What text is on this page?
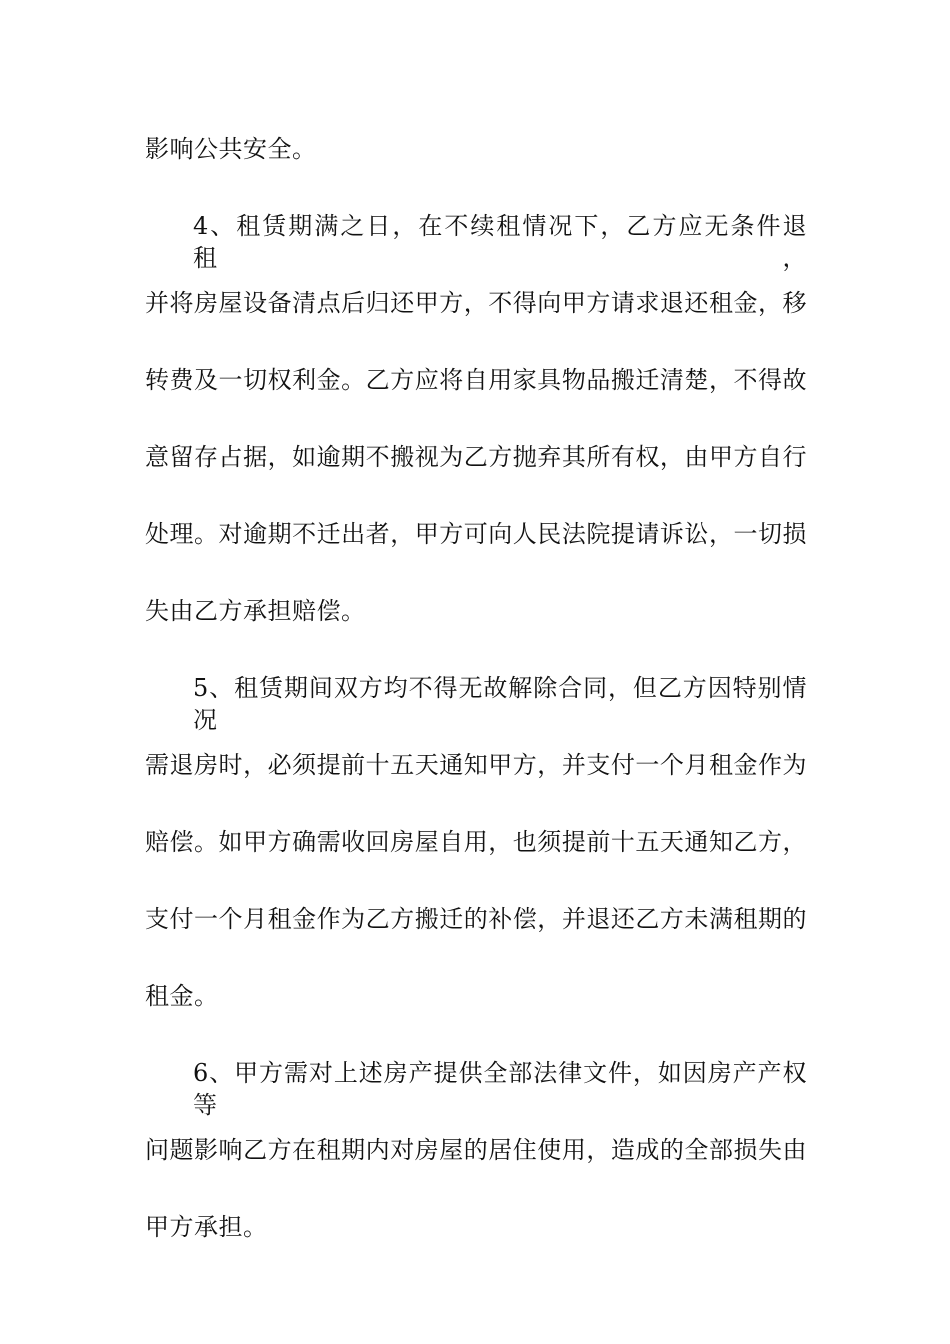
影响公共安全。
4、租赁期满之日，在不续租情况下，乙方应无条件退租，
并将房屋设备清点后归还甲方，不得向甲方请求退还租金，移
转费及一切权利金。乙方应将自用家具物品搬迁清楚，不得故
意留存占据，如逾期不搬视为乙方抛弃其所有权，由甲方自行
处理。对逾期不迁出者，甲方可向人民法院提请诉讼，一切损
失由乙方承担赔偿。
5、租赁期间双方均不得无故解除合同，但乙方因特别情况
需退房时，必须提前十五天通知甲方，并支付一个月租金作为
赔偿。如甲方确需收回房屋自用，也须提前十五天通知乙方，
支付一个月租金作为乙方搬迁的补偿，并退还乙方未满租期的
租金。
6、甲方需对上述房产提供全部法律文件，如因房产产权等
问题影响乙方在租期内对房屋的居住使用，造成的全部损失由
甲方承担。
